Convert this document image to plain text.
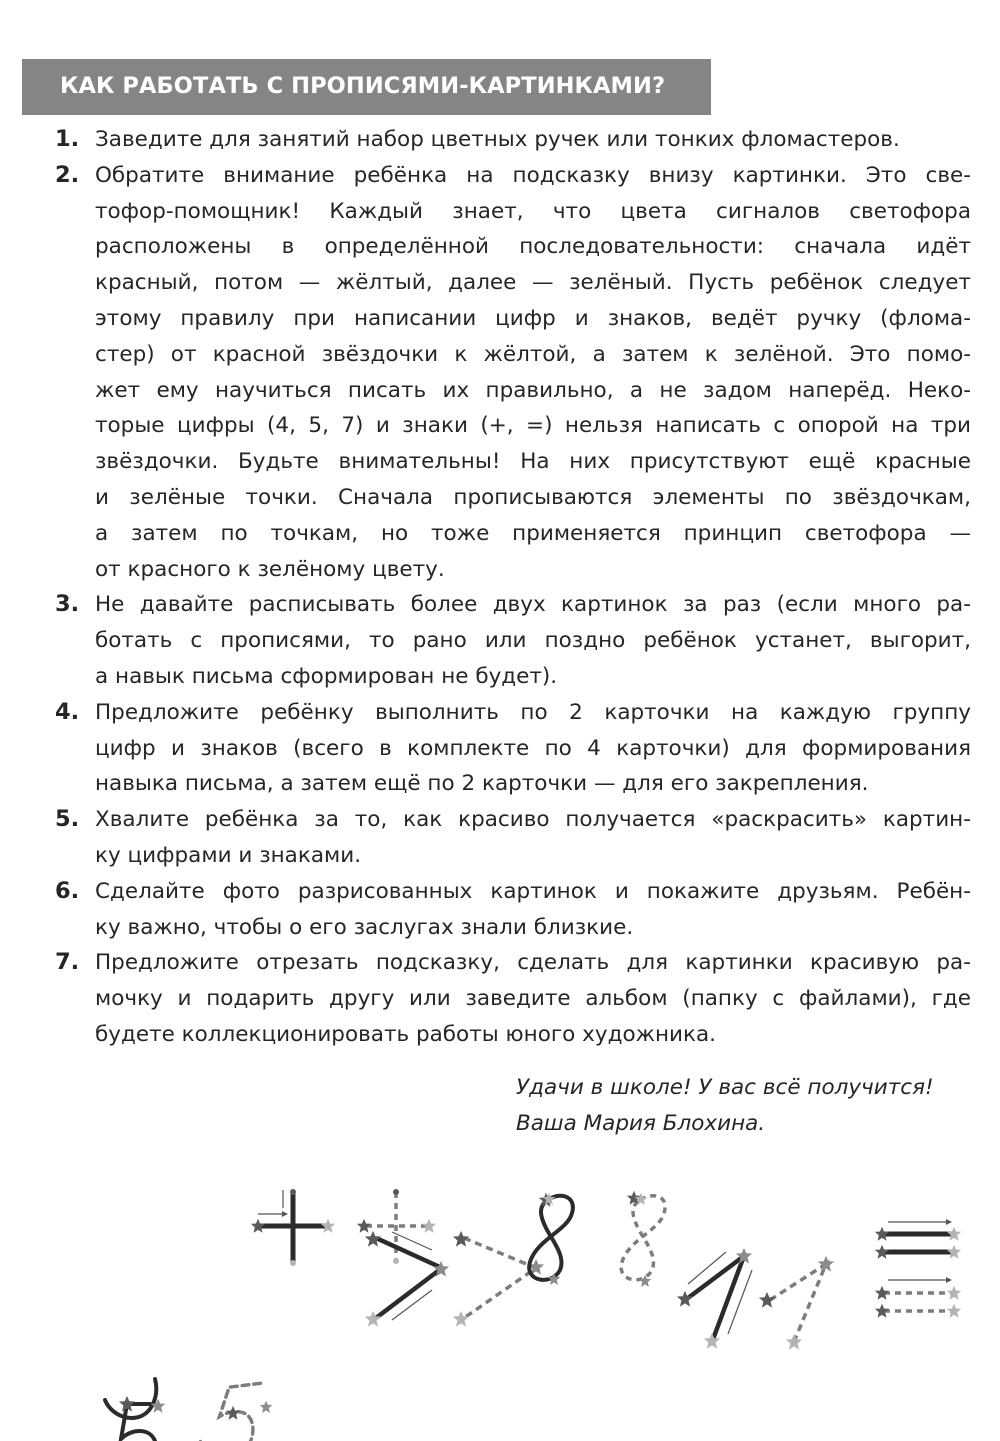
КАК РАБОТАТЬ С ПРОПИСЯМИ-КАРТИНКАМИ?
1. Заведите для занятий набор цветных ручек или тонких фломастеров.
2. Обратите внимание ребёнка на подсказку внизу картинки. Это све-
тофор-помощник! Каждый знает, что цвета сигналов светофора
расположены в определённой последовательности: сначала идёт
красный, потом — жёлтый, далее — зелёный. Пусть ребёнок следует
этому правилу при написании цифр и знаков, ведёт ручку (флома-
стер) от красной звёздочки к жёлтой, а затем к зелёной. Это помо-
жет ему научиться писать их правильно, а не задом наперёд. Неко-
торые цифры (4, 5, 7) и знаки (+, =) нельзя написать с опорой на три
звёздочки. Будьте внимательны! На них присутствуют ещё красные
и зелёные точки. Сначала прописываются элементы по звёздочкам,
а затем по точкам, но тоже применяется принцип светофора —
от красного к зелёному цвету.
3. Не давайте расписывать более двух картинок за раз (если много ра-
ботать с прописями, то рано или поздно ребёнок устанет, выгорит,
а навык письма сформирован не будет).
4. Предложите ребёнку выполнить по 2 карточки на каждую группу
цифр и знаков (всего в комплекте по 4 карточки) для формирования
навыка письма, а затем ещё по 2 карточки — для его закрепления.
5. Хвалите ребёнка за то, как красиво получается «раскрасить» картин-
ку цифрами и знаками.
6. Сделайте фото разрисованных картинок и покажите друзьям. Ребён-
ку важно, чтобы о его заслугах знали близкие.
7. Предложите отрезать подсказку, сделать для картинки красивую ра-
мочку и подарить другу или заведите альбом (папку с файлами), где
будете коллекционировать работы юного художника.
Удачи в школе! У вас всё получится!
Ваша Мария Блохина.
